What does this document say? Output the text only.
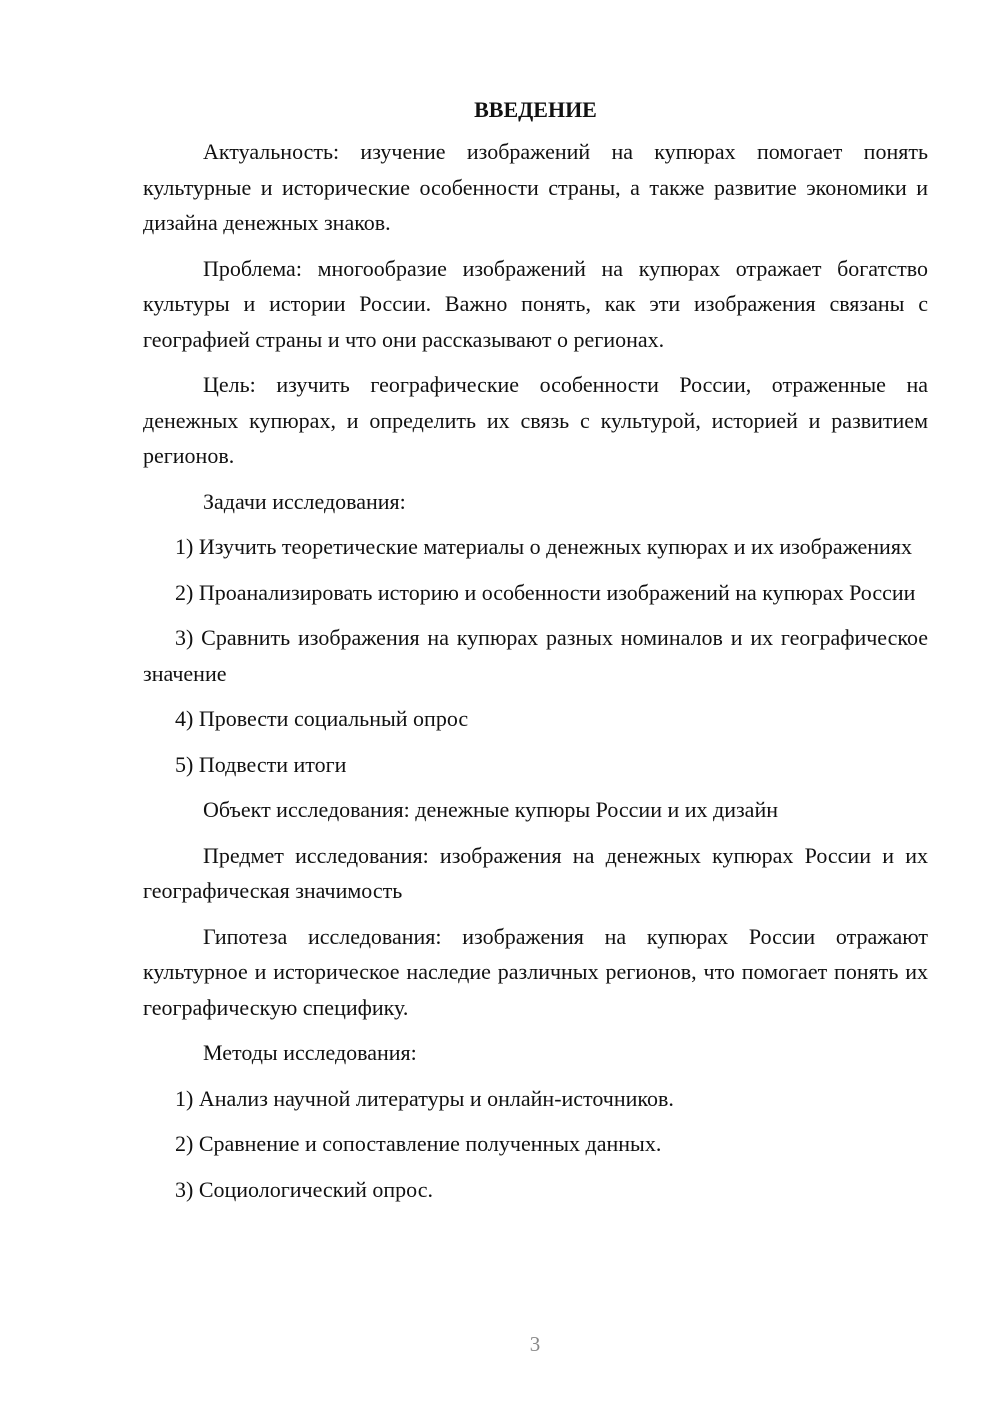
ВВЕДЕНИЕ

Актуальность: изучение изображений на купюрах помогает понять культурные и исторические особенности страны, а также развитие экономики и дизайна денежных знаков.

Проблема: многообразие изображений на купюрах отражает богатство культуры и истории России. Важно понять, как эти изображения связаны с географией страны и что они рассказывают о регионах.

Цель: изучить географические особенности России, отраженные на денежных купюрах, и определить их связь с культурой, историей и развитием регионов.

Задачи исследования:

1) Изучить теоретические материалы о денежных купюрах и их изображениях

2) Проанализировать историю и особенности изображений на купюрах России

3) Сравнить изображения на купюрах разных номиналов и их географическое значение

4) Провести социальный опрос

5) Подвести итоги

Объект исследования: денежные купюры России и их дизайн

Предмет исследования: изображения на денежных купюрах России и их географическая значимость

Гипотеза исследования: изображения на купюрах России отражают культурное и историческое наследие различных регионов, что помогает понять их географическую специфику.

Методы исследования:

1) Анализ научной литературы и онлайн-источников.

2) Сравнение и сопоставление полученных данных.

3) Социологический опрос.

3
